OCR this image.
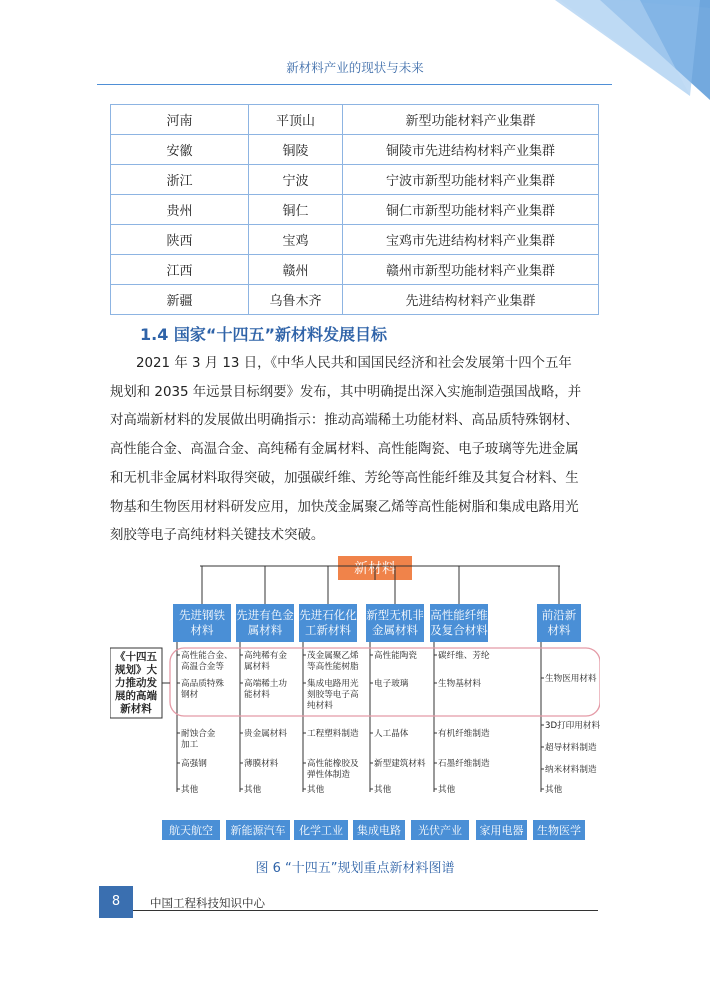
新材料产业的现状与未来
河南	平顶山	新型功能材料产业集群
安徽	铜陵	铜陵市先进结构材料产业集群
浙江	宁波	宁波市新型功能材料产业集群
贵州	铜仁	铜仁市新型功能材料产业集群
陕西	宝鸡	宝鸡市先进结构材料产业集群
江西	赣州	赣州市新型功能材料产业集群
新疆	乌鲁木齐	先进结构材料产业集群
1.4 国家“十四五”新材料发展目标
2021 年 3 月 13 日，《中华人民共和国国民经济和社会发展第十四个五年
规划和 2035 年远景目标纲要》发布，其中明确提出深入实施制造强国战略，并
对高端新材料的发展做出明确指示：推动高端稀土功能材料、高品质特殊钢材、
高性能合金、高温合金、高纯稀有金属材料、高性能陶瓷、电子玻璃等先进金属
和无机非金属材料取得突破，加强碳纤维、芳纶等高性能纤维及其复合材料、生
物基和生物医用材料研发应用，加快茂金属聚乙烯等高性能树脂和集成电路用光
刻胶等电子高纯材料关键技术突破。
新材料
先进钢铁材料
先进有色金属材料
先进石化化工新材料
新型无机非金属材料
高性能纤维及复合材料
前沿新材料
《十四五规划》大力推动发展的高端新材料
高性能合金、高温合金等
高品质特殊钢材
耐蚀合金加工
高强钢
其他
高纯稀有金属材料
高端稀土功能材料
贵金属材料
薄膜材料
其他
茂金属聚乙烯等高性能树脂
集成电路用光刻胶等电子高纯材料
工程塑料制造
高性能橡胶及弹性体制造
其他
高性能陶瓷
电子玻璃
人工晶体
新型建筑材料
其他
碳纤维、芳纶
生物基材料
有机纤维制造
石墨纤维制造
其他
生物医用材料
3D打印用材料
超导材料制造
纳米材料制造
其他
航天航空 新能源汽车 化学工业 集成电路 光伏产业 家用电器 生物医学
图 6 “十四五”规划重点新材料图谱
8	中国工程科技知识中心
